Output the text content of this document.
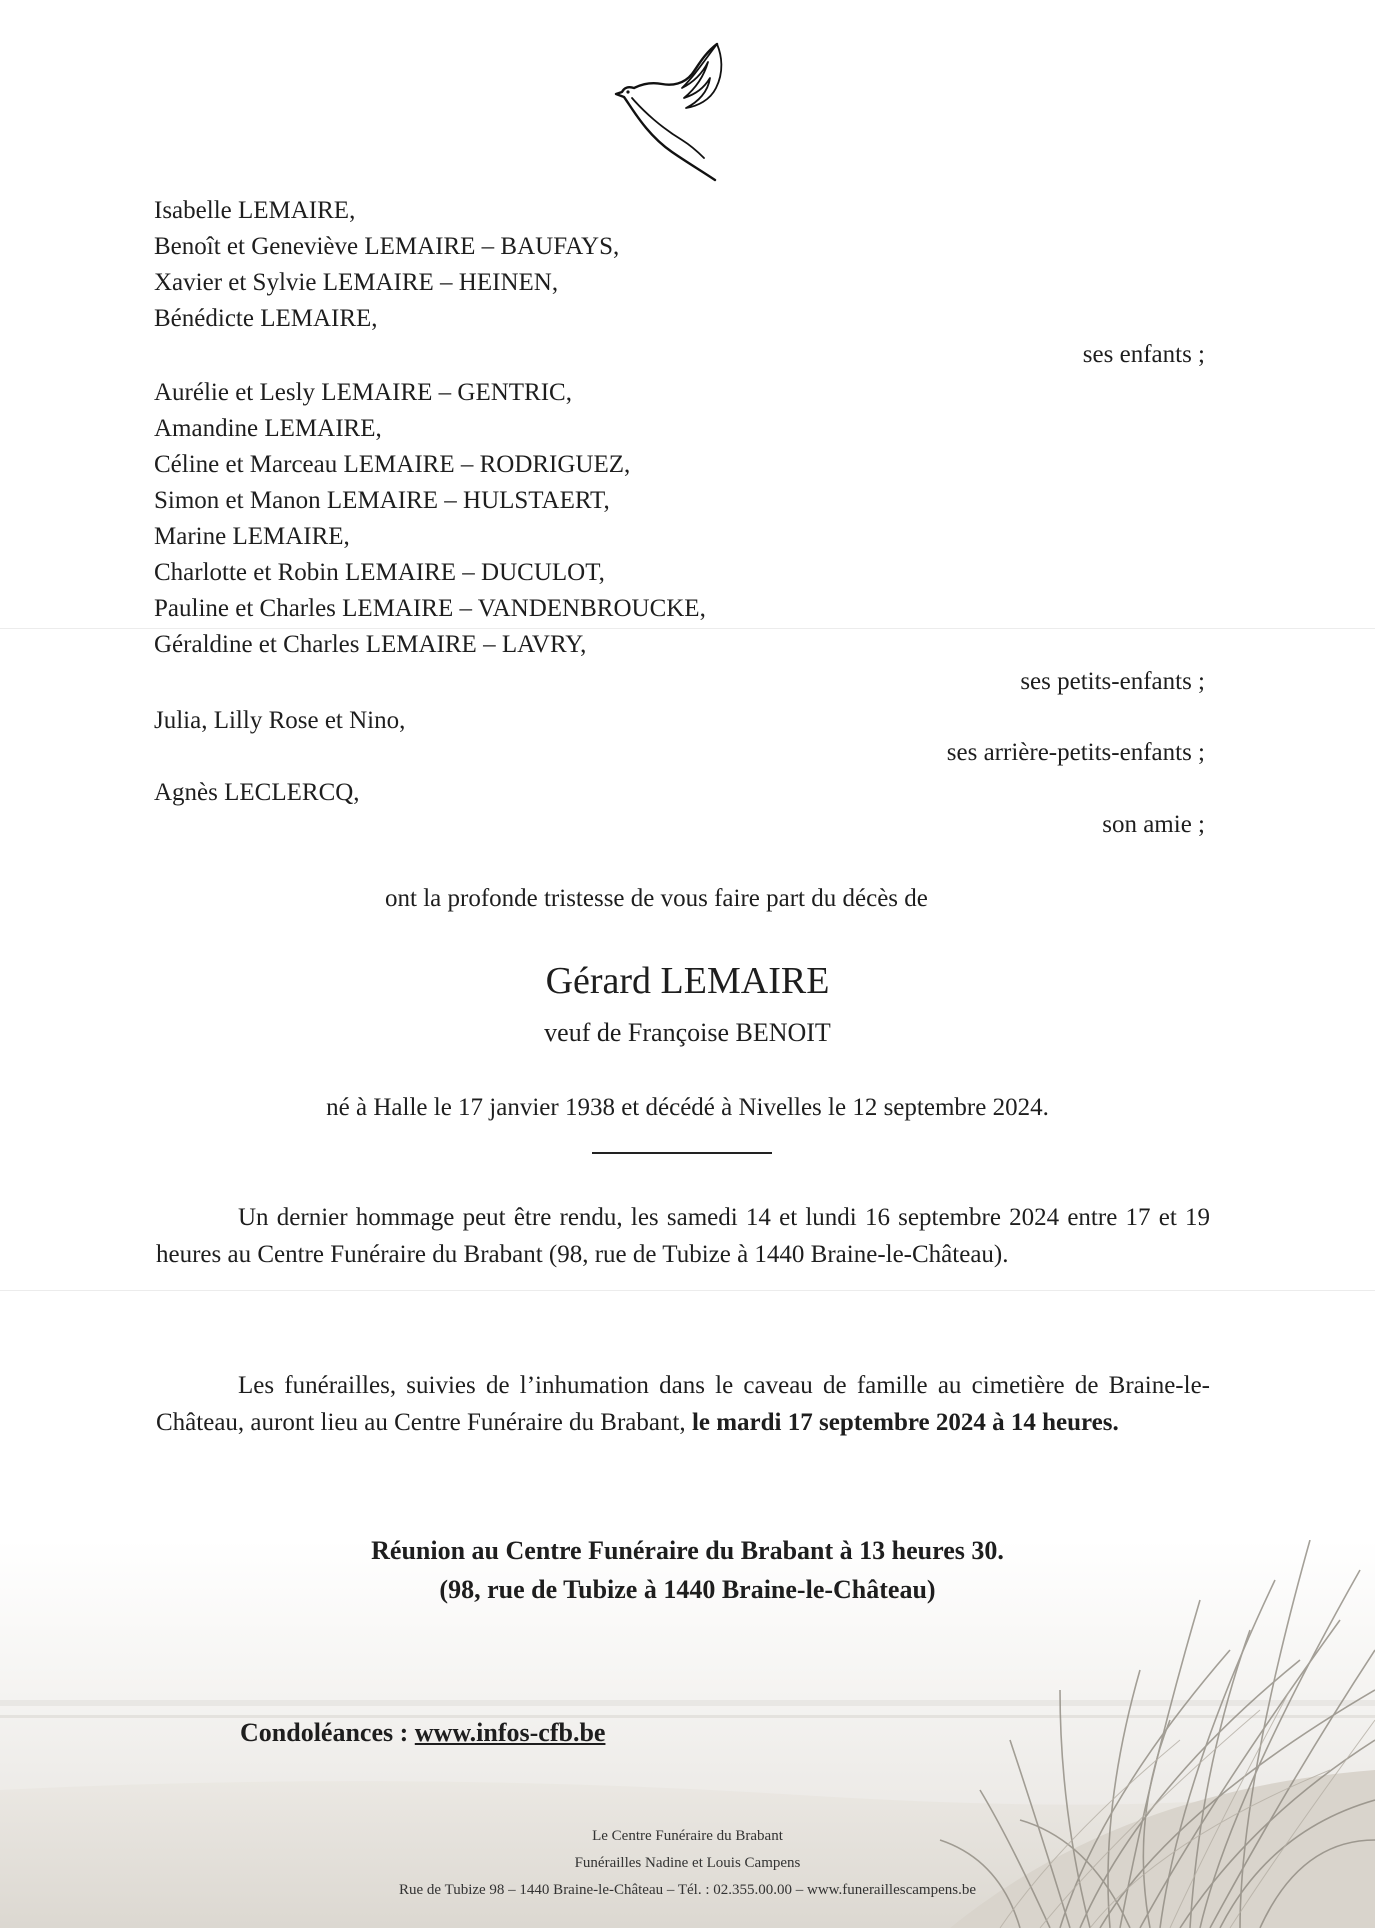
Isabelle LEMAIRE,
Benoît et Geneviève LEMAIRE – BAUFAYS,
Xavier et Sylvie LEMAIRE – HEINEN,
Bénédicte LEMAIRE,
ses enfants ;
Aurélie et Lesly LEMAIRE – GENTRIC,
Amandine LEMAIRE,
Céline et Marceau LEMAIRE – RODRIGUEZ,
Simon et Manon LEMAIRE – HULSTAERT,
Marine LEMAIRE,
Charlotte et Robin LEMAIRE – DUCULOT,
Pauline et Charles LEMAIRE – VANDENBROUCKE,
Géraldine et Charles LEMAIRE – LAVRY,
ses petits-enfants ;
Julia, Lilly Rose et Nino,
ses arrière-petits-enfants ;
Agnès LECLERCQ,
son amie ;
ont la profonde tristesse de vous faire part du décès de
Gérard LEMAIRE
veuf de Françoise BENOIT
né à Halle le 17 janvier 1938 et décédé à Nivelles le 12 septembre 2024.
Un dernier hommage peut être rendu, les samedi 14 et lundi 16 septembre 2024 entre 17 et 19 heures au Centre Funéraire du Brabant (98, rue de Tubize à 1440 Braine-le-Château).
Les funérailles, suivies de l’inhumation dans le caveau de famille au cimetière de Braine-le-Château, auront lieu au Centre Funéraire du Brabant, le mardi 17 septembre 2024 à 14 heures.
Réunion au Centre Funéraire du Brabant à 13 heures 30.
(98, rue de Tubize à 1440 Braine-le-Château)
Condoléances : www.infos-cfb.be
Le Centre Funéraire du Brabant
Funérailles Nadine et Louis Campens
Rue de Tubize 98 – 1440 Braine-le-Château – Tél. : 02.355.00.00 – www.funeraillescampens.be
